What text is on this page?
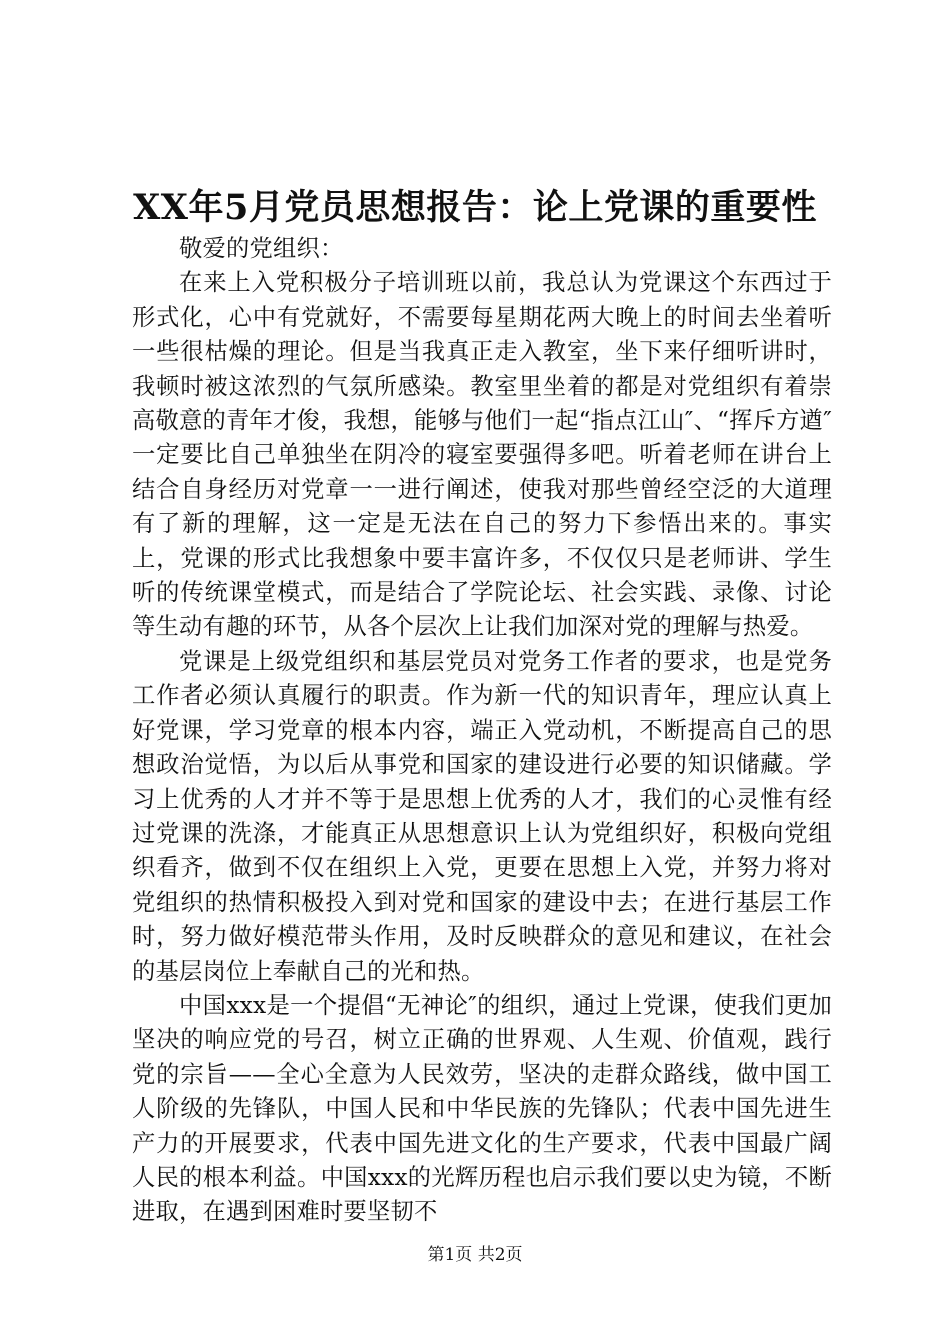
XX年5月党员思想报告：论上党课的重要性

敬爱的党组织：

在来上入党积极分子培训班以前，我总认为党课这个东西过于形式化，心中有党就好，不需要每星期花两大晚上的时间去坐着听一些很枯燥的理论。但是当我真正走入教室，坐下来仔细听讲时，我顿时被这浓烈的气氛所感染。教室里坐着的都是对党组织有着崇高敬意的青年才俊，我想，能够与他们一起“指点江山″、“挥斥方遒″一定要比自己单独坐在阴冷的寝室要强得多吧。听着老师在讲台上结合自身经历对党章一一进行阐述，使我对那些曾经空泛的大道理有了新的理解，这一定是无法在自己的努力下参悟出来的。事实上，党课的形式比我想象中要丰富许多，不仅仅只是老师讲、学生听的传统课堂模式，而是结合了学院论坛、社会实践、录像、讨论等生动有趣的环节，从各个层次上让我们加深对党的理解与热爱。

党课是上级党组织和基层党员对党务工作者的要求，也是党务工作者必须认真履行的职责。作为新一代的知识青年，理应认真上好党课，学习党章的根本内容，端正入党动机，不断提高自己的思想政治觉悟，为以后从事党和国家的建设进行必要的知识储藏。学习上优秀的人才并不等于是思想上优秀的人才，我们的心灵惟有经过党课的洗涤，才能真正从思想意识上认为党组织好，积极向党组织看齐，做到不仅在组织上入党，更要在思想上入党，并努力将对党组织的热情积极投入到对党和国家的建设中去；在进行基层工作时，努力做好模范带头作用，及时反映群众的意见和建议，在社会的基层岗位上奉献自己的光和热。

中国xxx是一个提倡“无神论″的组织，通过上党课，使我们更加坚决的响应党的号召，树立正确的世界观、人生观、价值观，践行党的宗旨——全心全意为人民效劳，坚决的走群众路线，做中国工人阶级的先锋队，中国人民和中华民族的先锋队；代表中国先进生产力的开展要求，代表中国先进文化的生产要求，代表中国最广阔人民的根本利益。中国xxx的光辉历程也启示我们要以史为镜，不断进取，在遇到困难时要坚韧不

第1页 共2页
